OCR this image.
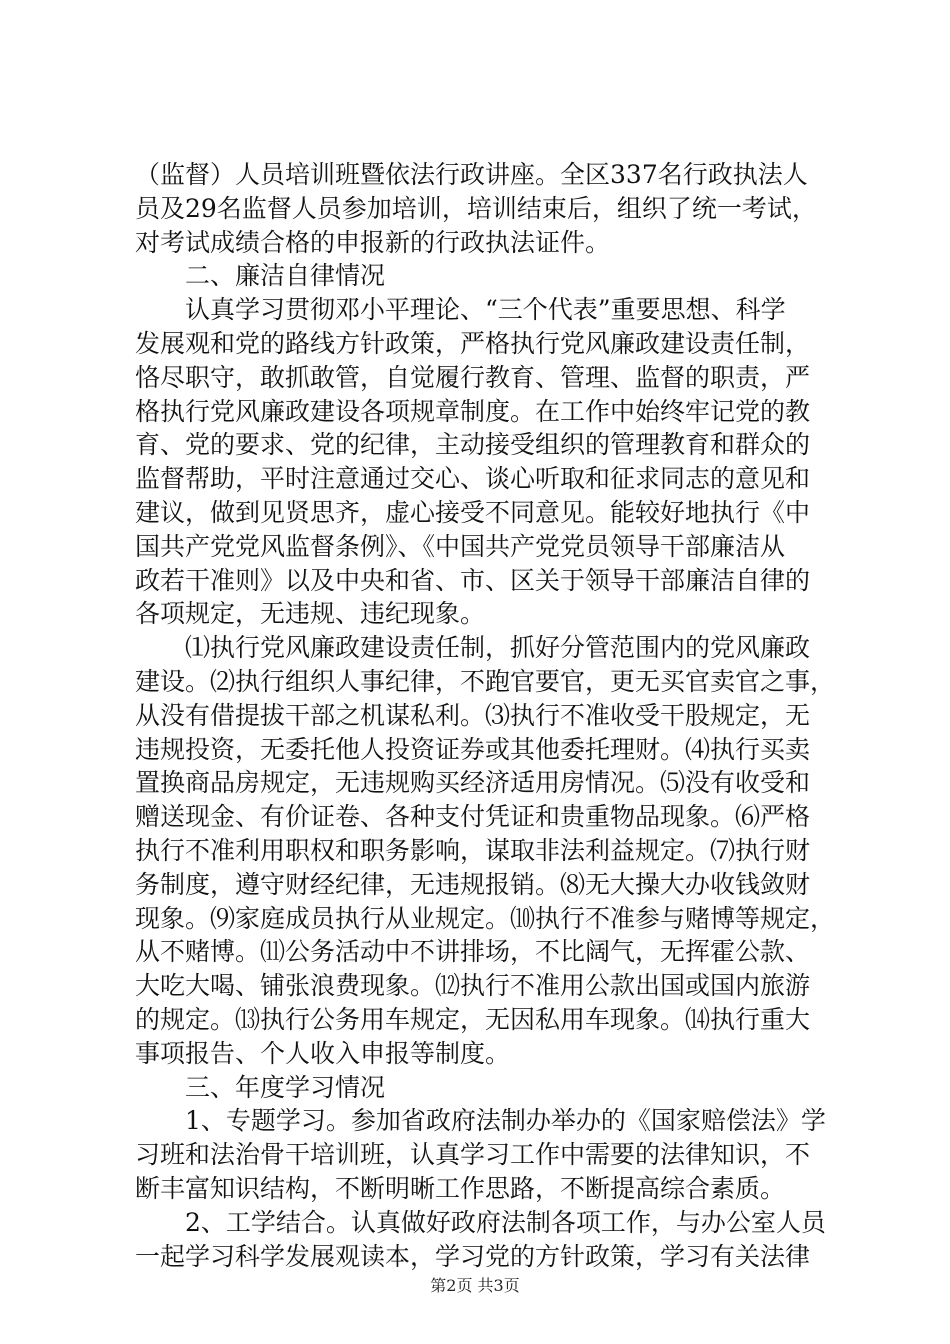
（监督）人员培训班暨依法行政讲座。全区337名行政执法人
员及29名监督人员参加培训，培训结束后，组织了统一考试，
对考试成绩合格的申报新的行政执法证件。
　　二、廉洁自律情况
　　认真学习贯彻邓小平理论、“三个代表”重要思想、科学
发展观和党的路线方针政策，严格执行党风廉政建设责任制，
恪尽职守，敢抓敢管，自觉履行教育、管理、监督的职责，严
格执行党风廉政建设各项规章制度。在工作中始终牢记党的教
育、党的要求、党的纪律，主动接受组织的管理教育和群众的
监督帮助，平时注意通过交心、谈心听取和征求同志的意见和
建议，做到见贤思齐，虚心接受不同意见。能较好地执行《中
国共产党党风监督条例》、《中国共产党党员领导干部廉洁从
政若干准则》以及中央和省、市、区关于领导干部廉洁自律的
各项规定，无违规、违纪现象。
　　⑴执行党风廉政建设责任制，抓好分管范围内的党风廉政
建设。⑵执行组织人事纪律，不跑官要官，更无买官卖官之事，
从没有借提拔干部之机谋私利。⑶执行不准收受干股规定，无
违规投资，无委托他人投资证券或其他委托理财。⑷执行买卖
置换商品房规定，无违规购买经济适用房情况。⑸没有收受和
赠送现金、有价证卷、各种支付凭证和贵重物品现象。⑹严格
执行不准利用职权和职务影响，谋取非法利益规定。⑺执行财
务制度，遵守财经纪律，无违规报销。⑻无大操大办收钱敛财
现象。⑼家庭成员执行从业规定。⑽执行不准参与赌博等规定，
从不赌博。⑾公务活动中不讲排场，不比阔气，无挥霍公款、
大吃大喝、铺张浪费现象。⑿执行不准用公款出国或国内旅游
的规定。⒀执行公务用车规定，无因私用车现象。⒁执行重大
事项报告、个人收入申报等制度。
　　三、年度学习情况
　　1、专题学习。参加省政府法制办举办的《国家赔偿法》学
习班和法治骨干培训班，认真学习工作中需要的法律知识，不
断丰富知识结构，不断明晰工作思路，不断提高综合素质。
　　2、工学结合。认真做好政府法制各项工作，与办公室人员
一起学习科学发展观读本，学习党的方针政策，学习有关法律
第2页 共3页
